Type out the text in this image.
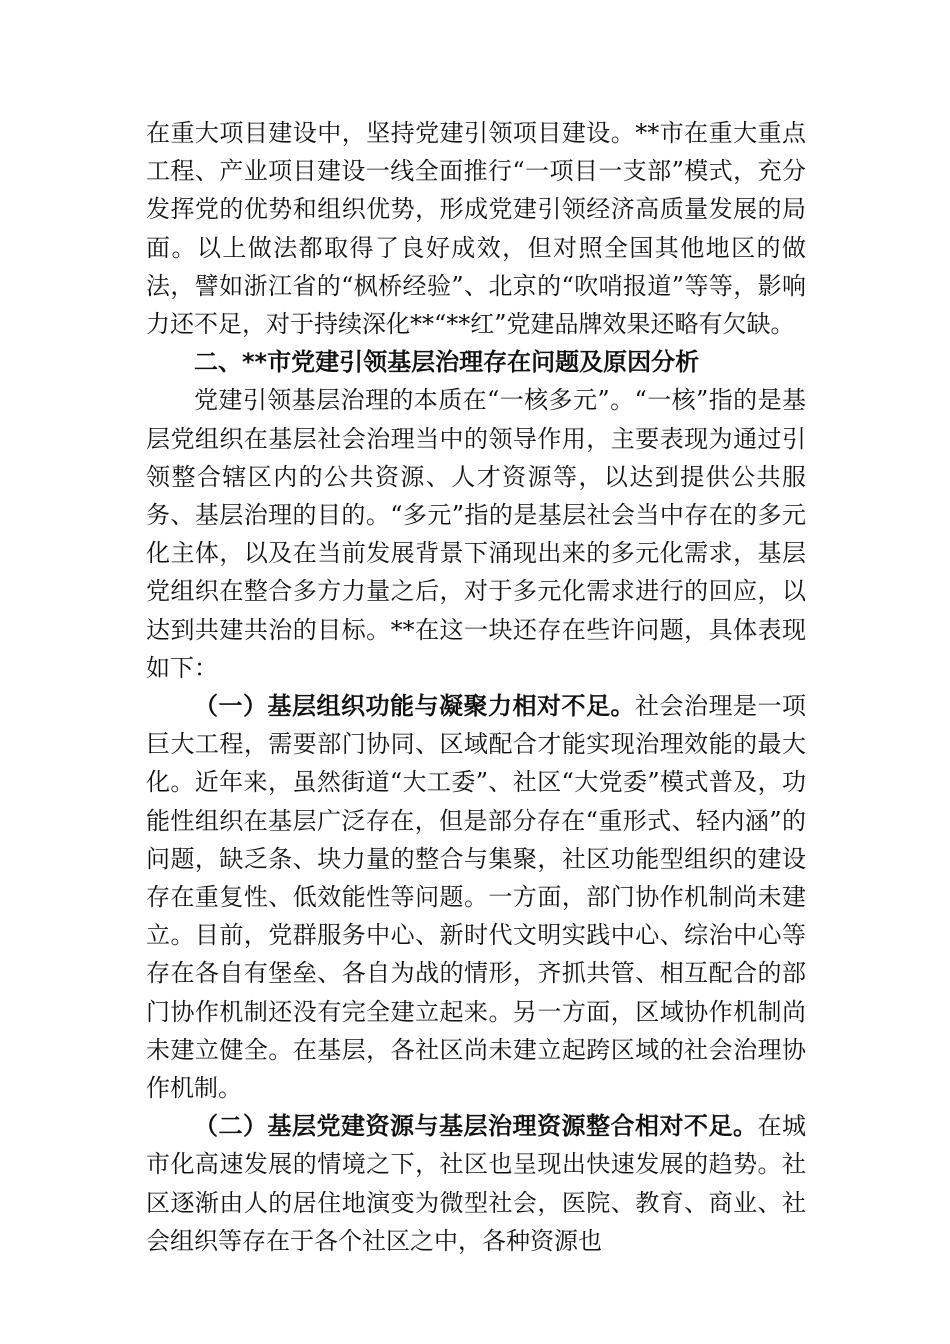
在重大项目建设中，坚持党建引领项目建设。**市在重大重点工程、产业项目建设一线全面推行“一项目一支部”模式，充分发挥党的优势和组织优势，形成党建引领经济高质量发展的局面。以上做法都取得了良好成效，但对照全国其他地区的做法，譬如浙江省的“枫桥经验”、北京的“吹哨报道”等等，影响力还不足，对于持续深化**“**红”党建品牌效果还略有欠缺。

二、**市党建引领基层治理存在问题及原因分析

党建引领基层治理的本质在“一核多元”。“一核”指的是基层党组织在基层社会治理当中的领导作用，主要表现为通过引领整合辖区内的公共资源、人才资源等，以达到提供公共服务、基层治理的目的。“多元”指的是基层社会当中存在的多元化主体，以及在当前发展背景下涌现出来的多元化需求，基层党组织在整合多方力量之后，对于多元化需求进行的回应，以达到共建共治的目标。**在这一块还存在些许问题，具体表现如下：

（一）基层组织功能与凝聚力相对不足。社会治理是一项巨大工程，需要部门协同、区域配合才能实现治理效能的最大化。近年来，虽然街道“大工委”、社区“大党委”模式普及，功能性组织在基层广泛存在，但是部分存在“重形式、轻内涵”的问题，缺乏条、块力量的整合与集聚，社区功能型组织的建设存在重复性、低效能性等问题。一方面，部门协作机制尚未建立。目前，党群服务中心、新时代文明实践中心、综治中心等存在各自有堡垒、各自为战的情形，齐抓共管、相互配合的部门协作机制还没有完全建立起来。另一方面，区域协作机制尚未建立健全。在基层，各社区尚未建立起跨区域的社会治理协作机制。

（二）基层党建资源与基层治理资源整合相对不足。在城市化高速发展的情境之下，社区也呈现出快速发展的趋势。社区逐渐由人的居住地演变为微型社会，医院、教育、商业、社会组织等存在于各个社区之中，各种资源也
